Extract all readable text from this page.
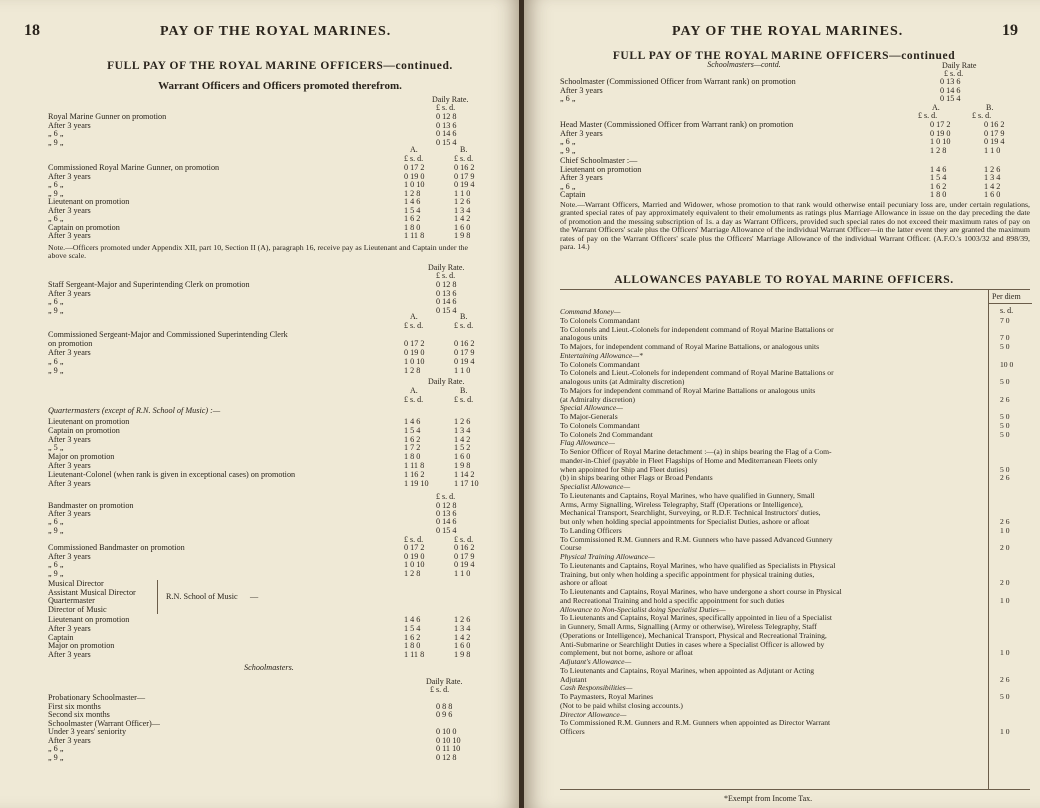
18	PAY OF THE ROYAL MARINES.
FULL PAY OF THE ROYAL MARINE OFFICERS—continued.
Warrant Officers and Officers promoted therefrom.
Daily Rate.
£ s. d.
Royal Marine Gunner on promotion	0 12 8
After 3 years	0 13 6
„ 6 „	0 14 6
„ 9 „	0 15 4
A.	B.
£ s. d.	£ s. d.
Commissioned Royal Marine Gunner, on promotion	0 17 2	0 16 2
After 3 years	0 19 0	0 17 9
„ 6 „	1 0 10	0 19 4
„ 9 „	1 2 8	1 1 0
Lieutenant on promotion	1 4 6	1 2 6
After 3 years	1 5 4	1 3 4
„ 6 „	1 6 2	1 4 2
Captain on promotion	1 8 0	1 6 0
After 3 years	1 11 8	1 9 8
Note.—Officers promoted under Appendix XII, part 10, Section II (A), paragraph 16, receive pay as Lieutenant and Captain under the above scale.
Daily Rate.
£ s. d.
Staff Sergeant-Major and Superintending Clerk on promotion	0 12 8
After 3 years	0 13 6
„ 6 „	0 14 6
„ 9 „	0 15 4
A.	B.
£ s. d.	£ s. d.
Commissioned Sergeant-Major and Commissioned Superintending Clerk
on promotion	0 17 2	0 16 2
After 3 years	0 19 0	0 17 9
„ 6 „	1 0 10	0 19 4
„ 9 „	1 2 8	1 1 0
Daily Rate.
A.	B.
£ s. d.	£ s. d.
Quartermasters (except of R.N. School of Music) :—
Lieutenant on promotion	1 4 6	1 2 6
Captain on promotion	1 5 4	1 3 4
After 3 years	1 6 2	1 4 2
„ 5 „	1 7 2	1 5 2
Major on promotion	1 8 0	1 6 0
After 3 years	1 11 8	1 9 8
Lieutenant-Colonel (when rank is given in exceptional cases) on promotion	1 16 2	1 14 2
After 3 years	1 19 10	1 17 10
£ s. d.
Bandmaster on promotion	0 12 8
After 3 years	0 13 6
„ 6 „	0 14 6
„ 9 „	0 15 4
£ s. d.	£ s. d.
Commissioned Bandmaster on promotion	0 17 2	0 16 2
After 3 years	0 19 0	0 17 9
„ 6 „	1 0 10	0 19 4
„ 9 „	1 2 8	1 1 0
Musical Director
Assistant Musical Director
Quartermaster
Director of Music
R.N. School of Music —
Lieutenant on promotion	1 4 6	1 2 6
After 3 years	1 5 4	1 3 4
Captain	1 6 2	1 4 2
Major on promotion	1 8 0	1 6 0
After 3 years	1 11 8	1 9 8
Schoolmasters.
Daily Rate.
£ s. d.
Probationary Schoolmaster—
First six months	0 8 8
Second six months	0 9 6
Schoolmaster (Warrant Officer)—
Under 3 years' seniority	0 10 0
After 3 years	0 10 10
„ 6 „	0 11 10
„ 9 „	0 12 8
PAY OF THE ROYAL MARINES.	19
FULL PAY OF THE ROYAL MARINE OFFICERS—continued
Schoolmasters—contd.	Daily Rate
£ s. d.
Schoolmaster (Commissioned Officer from Warrant rank) on promotion	0 13 6
After 3 years	0 14 6
„ 6 „	0 15 4
A.	B.
£ s. d.	£ s. d.
Head Master (Commissioned Officer from Warrant rank) on promotion	0 17 2	0 16 2
After 3 years	0 19 0	0 17 9
„ 6 „	1 0 10	0 19 4
„ 9 „	1 2 8	1 1 0
Chief Schoolmaster :—
Lieutenant on promotion	1 4 6	1 2 6
After 3 years	1 5 4	1 3 4
„ 6 „	1 6 2	1 4 2
Captain	1 8 0	1 6 0
Note.—Warrant Officers, Married and Widower, whose promotion to that rank would otherwise entail pecuniary loss are, under certain regulations, granted special rates of pay approximately equivalent to their emoluments as ratings plus Marriage Allowance in issue on the day preceding the date of promotion and the messing subscription of 1s. a day as Warrant Officers, provided such special rates do not exceed their maximum rates of pay on the Warrant Officers' scale plus the Officers' Marriage Allowance of the individual Warrant Officer—in the latter event they are granted the maximum rates of pay on the Warrant Officers' scale plus the Officers' Marriage Allowance of the individual Warrant Officer. (A.F.O.'s 1003/32 and 898/39, para. 14.)
ALLOWANCES PAYABLE TO ROYAL MARINE OFFICERS.
Per diem
s. d.
Command Money—
To Colonels Commandant	7 0
To Colonels and Lieut.-Colonels for independent command of Royal Marine Battalions or
analogous units	7 0
To Majors, for independent command of Royal Marine Battalions, or analogous units	5 0
Entertaining Allowance—*
To Colonels Commandant	10 0
To Colonels and Lieut.-Colonels for independent command of Royal Marine Battalions or
analogous units (at Admiralty discretion)	5 0
To Majors for independent command of Royal Marine Battalions or analogous units
(at Admiralty discretion)	2 6
Special Allowance—
To Major-Generals	5 0
To Colonels Commandant	5 0
To Colonels 2nd Commandant	5 0
Flag Allowance—
To Senior Officer of Royal Marine detachment :—(a) in ships bearing the Flag of a Com-
mander-in-Chief (payable in Fleet Flagships of Home and Mediterranean Fleets only
when appointed for Ship and Fleet duties)	5 0
(b) in ships bearing other Flags or Broad Pendants	2 6
Specialist Allowance—
To Lieutenants and Captains, Royal Marines, who have qualified in Gunnery, Small
Arms, Army Signalling, Wireless Telegraphy, Staff (Operations or Intelligence),
Mechanical Transport, Searchlight, Surveying, or R.D.F. Technical Instructors' duties,
but only when holding special appointments for Specialist Duties, ashore or afloat	2 6
To Landing Officers	1 0
To Commissioned R.M. Gunners and R.M. Gunners who have passed Advanced Gunnery
Course	2 0
Physical Training Allowance—
To Lieutenants and Captains, Royal Marines, who have qualified as Specialists in Physical
Training, but only when holding a specific appointment for physical training duties,
ashore or afloat	2 0
To Lieutenants and Captains, Royal Marines, who have undergone a short course in Physical
and Recreational Training and hold a specific appointment for such duties	1 0
Allowance to Non-Specialist doing Specialist Duties—
To Lieutenants and Captains, Royal Marines, specifically appointed in lieu of a Specialist
in Gunnery, Small Arms, Signalling (Army or otherwise), Wireless Telegraphy, Staff
(Operations or Intelligence), Mechanical Transport, Physical and Recreational Training,
Anti-Submarine or Searchlight Duties in cases where a Specialist Officer is allowed by
complement, but not borne, ashore or afloat	1 0
Adjutant's Allowance—
To Lieutenants and Captains, Royal Marines, when appointed as Adjutant or Acting
Adjutant	2 6
Cash Responsibilities—
To Paymasters, Royal Marines	5 0
(Not to be paid whilst closing accounts.)
Director Allowance—
To Commissioned R.M. Gunners and R.M. Gunners when appointed as Director Warrant
Officers	1 0
*Exempt from Income Tax.
